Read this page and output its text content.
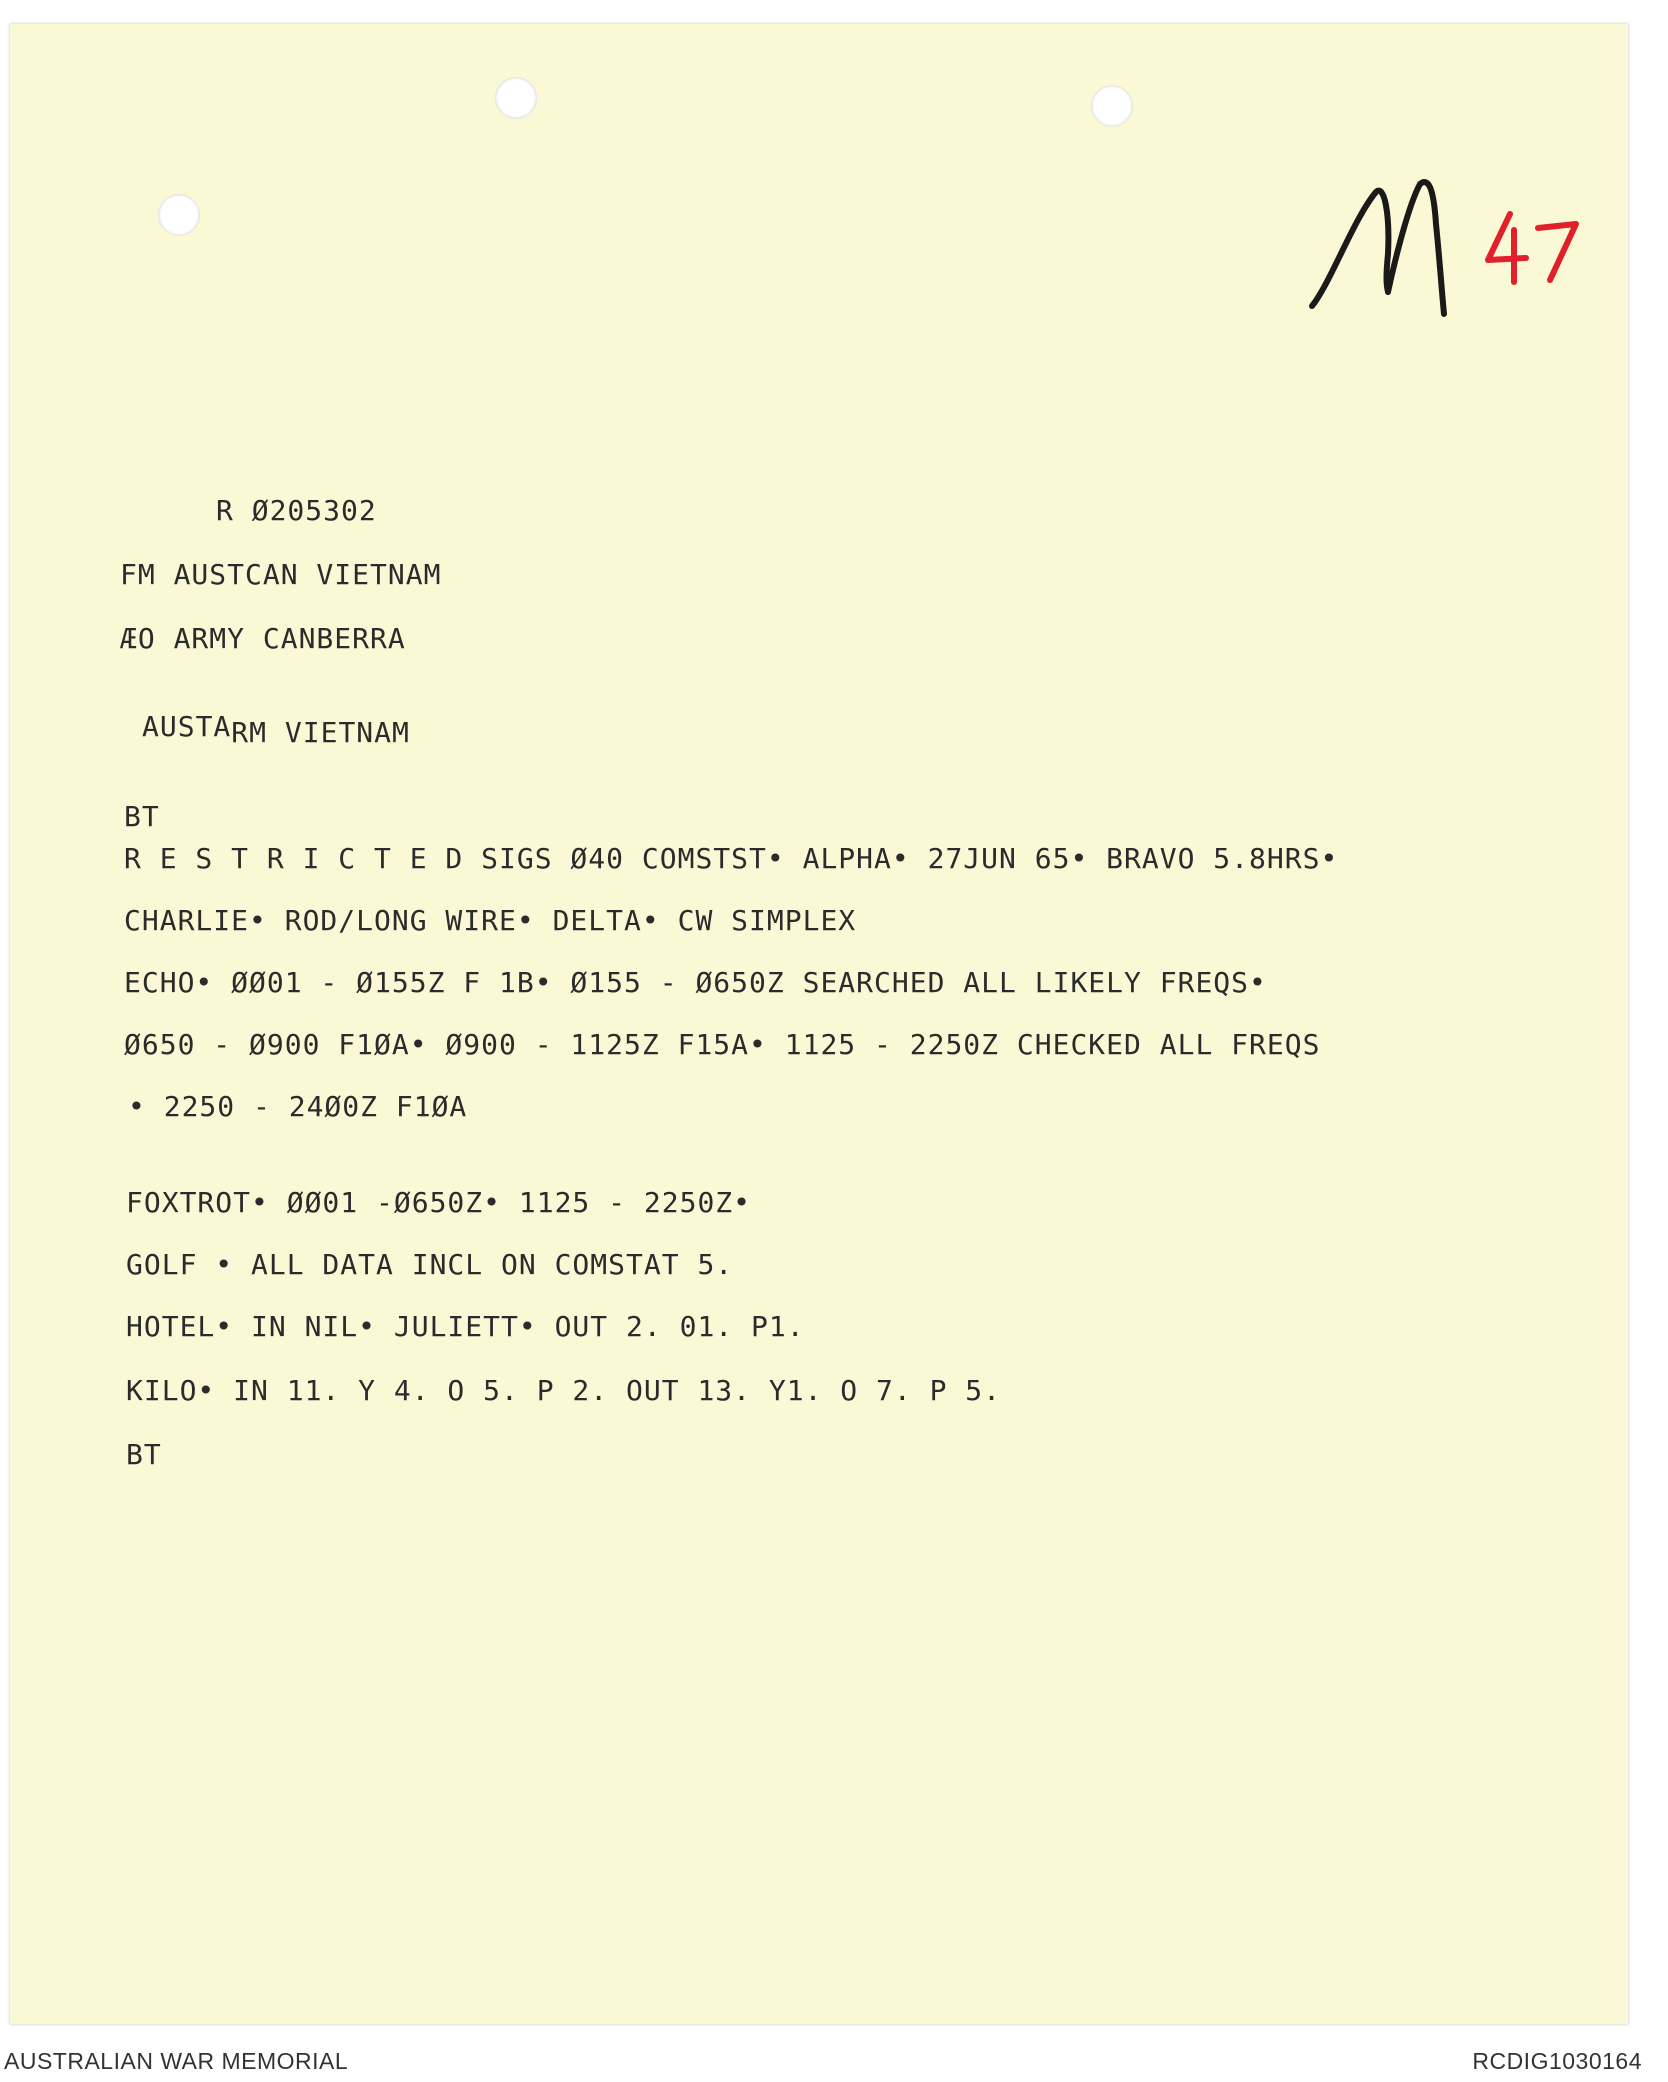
R Ø205302
FM AUSTCAN VIETNAM
ÆO ARMY CANBERRA
AUSTARM VIETNAM
BT
R E S T R I C T E D SIGS Ø40 COMSTST• ALPHA• 27JUN 65• BRAVO 5.8HRS•
CHARLIE• ROD/LONG WIRE• DELTA• CW SIMPLEX
ECHO• ØØ01 - Ø155Z F 1B• Ø155 - Ø650Z SEARCHED ALL LIKELY FREQS•
Ø650 - Ø900 F1ØA• Ø900 - 1125Z F15A• 1125 - 2250Z CHECKED ALL FREQS
• 2250 - 24Ø0Z F1ØA
FOXTROT• ØØ01 -Ø650Z• 1125 - 2250Z•
GOLF • ALL DATA INCL ON COMSTAT 5.
HOTEL• IN NIL• JULIETT• OUT 2. 01. P1.
KILO• IN 11. Y 4. O 5. P 2. OUT 13. Y1. O 7. P 5.
BT
AUSTRALIAN WAR MEMORIAL	RCDIG1030164
